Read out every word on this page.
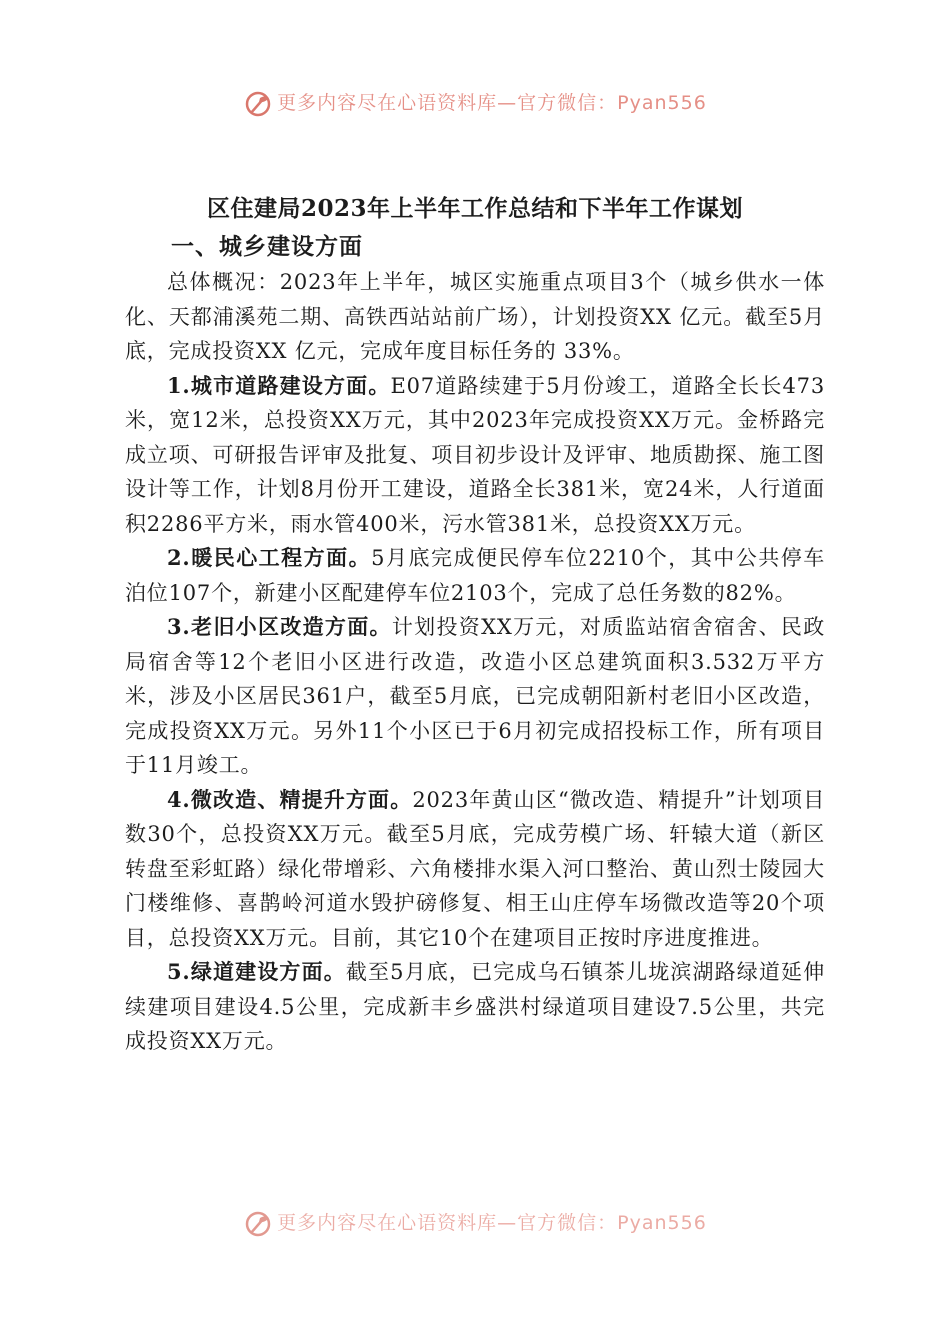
更多内容尽在心语资料库—官方微信：Pyan556
区住建局2023年上半年工作总结和下半年工作谋划

一、城乡建设方面

总体概况：2023年上半年，城区实施重点项目3个（城乡供水一体化、天都浦溪苑二期、高铁西站站前广场），计划投资XX 亿元。截至5月底，完成投资XX 亿元，完成年度目标任务的 33%。

1.城市道路建设方面。E07道路续建于5月份竣工，道路全长长473米，宽12米，总投资XX万元，其中2023年完成投资XX万元。金桥路完成立项、可研报告评审及批复、项目初步设计及评审、地质勘探、施工图设计等工作，计划8月份开工建设，道路全长381米，宽24米，人行道面积2286平方米，雨水管400米，污水管381米，总投资XX万元。

2.暖民心工程方面。5月底完成便民停车位2210个，其中公共停车泊位107个，新建小区配建停车位2103个，完成了总任务数的82%。

3.老旧小区改造方面。计划投资XX万元，对质监站宿舍宿舍、民政局宿舍等12个老旧小区进行改造，改造小区总建筑面积3.532万平方米，涉及小区居民361户，截至5月底，已完成朝阳新村老旧小区改造，完成投资XX万元。另外11个小区已于6月初完成招投标工作，所有项目于11月竣工。

4.微改造、精提升方面。2023年黄山区“微改造、精提升”计划项目数30个，总投资XX万元。截至5月底，完成劳模广场、轩辕大道（新区转盘至彩虹路）绿化带增彩、六角楼排水渠入河口整治、黄山烈士陵园大门楼维修、喜鹊岭河道水毁护磅修复、相王山庄停车场微改造等20个项目，总投资XX万元。目前，其它10个在建项目正按时序进度推进。

5.绿道建设方面。截至5月底，已完成乌石镇茶儿垅滨湖路绿道延伸续建项目建设4.5公里，完成新丰乡盛洪村绿道项目建设7.5公里，共完成投资XX万元。

更多内容尽在心语资料库—官方微信：Pyan556
